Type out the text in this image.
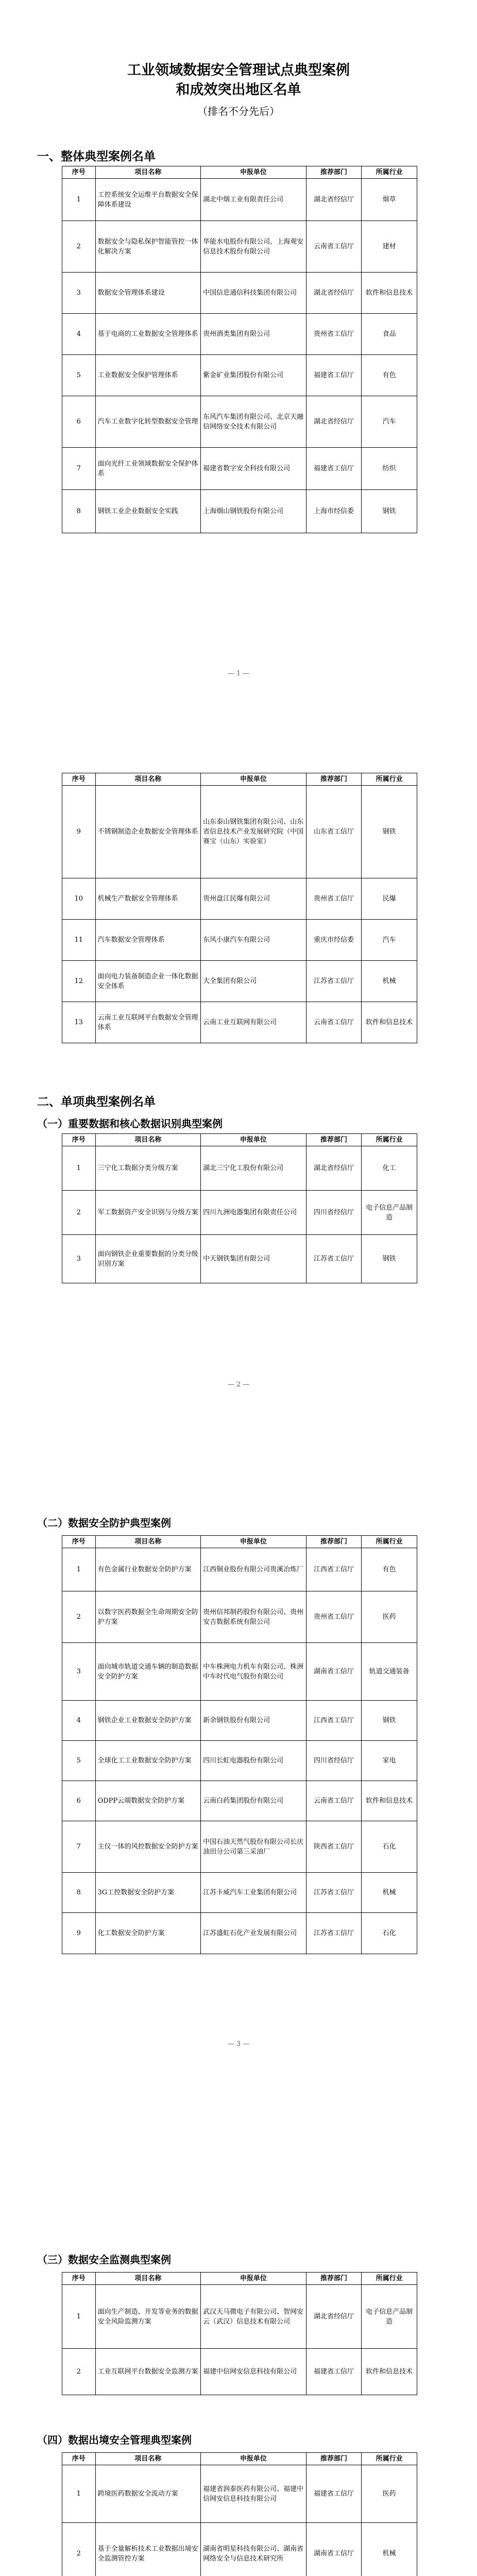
工业领域数据安全管理试点典型案例
和成效突出地区名单
（排名不分先后）
一、整体典型案例名单
序号	项目名称	申报单位	推荐部门	所属行业
1	工控系统安全运维平台数据安全保障体系建设	湖北中烟工业有限责任公司	湖北省经信厅	烟草
2	数据安全与隐私保护智能管控一体化解决方案	华能水电股份有限公司、上海观安信息技术股份有限公司	云南省工信厅	建材
3	数据安全管理体系建设	中国信息通信科技集团有限公司	湖北省经信厅	软件和信息技术
4	基于电商的工业数据安全管理体系	贵州酒类集团有限公司	贵州省工信厅	食品
5	工业数据安全保护管理体系	紫金矿业集团股份有限公司	福建省工信厅	有色
6	汽车工业数字化转型数据安全管理	东风汽车集团有限公司、北京天融信网络安全技术有限公司	湖北省经信厅	汽车
7	面向光纤工业领域数据安全保护体系	福建省数字安全科技有限公司	福建省工信厅	纺织
8	钢铁工业企业数据安全实践	上海烟山钢铁股份有限公司	上海市经信委	钢铁
— 1 —
序号	项目名称	申报单位	推荐部门	所属行业
9	不锈钢制造企业数据安全管理体系	山东泰山钢铁集团有限公司、山东省信息技术产业发展研究院（中国赛宝（山东）实验室）	山东省工信厅	钢铁
10	机械生产数据安全管理体系	贵州盘江民爆有限公司	贵州省工信厅	民爆
11	汽车数据安全管理体系	东风小康汽车有限公司	重庆市经信委	汽车
12	面向电力装备制造企业一体化数据安全体系	大全集团有限公司	江苏省工信厅	机械
13	云南工业互联网平台数据安全管理体系	云南工业互联网有限公司	云南省工信厅	软件和信息技术
二、单项典型案例名单
（一）重要数据和核心数据识别典型案例
序号	项目名称	申报单位	推荐部门	所属行业
1	三宁化工数据分类分级方案	湖北三宁化工股份有限公司	湖北省经信厅	化工
2	军工数据资产安全识别与分级方案	四川九洲电器集团有限责任公司	四川省经信厅	电子信息产品制造
3	面向钢铁企业重要数据的分类分级识别方案	中天钢铁集团有限公司	江苏省工信厅	钢铁
— 2 —
（二）数据安全防护典型案例
序号	项目名称	申报单位	推荐部门	所属行业
1	有色金属行业数据安全防护方案	江西铜业股份有限公司贵溪冶炼厂	江西省工信厅	有色
2	以数字医药数据全生命周期安全防护方案	贵州信邦制药股份有限公司、贵州安吉数据系统有限公司	贵州省工信厅	医药
3	面向城市轨道交通车辆的制造数据安全防护方案	中车株洲电力机车有限公司、株洲中车时代电气股份有限公司	湖南省工信厅	轨道交通装备
4	钢铁企业工业数据安全防护方案	新余钢铁股份有限公司	江西省工信厅	钢铁
5	全球化工工业数据安全防护方案	四川长虹电器股份有限公司	四川省经信厅	家电
6	ODPP云端数据安全防护方案	云南白药集团股份有限公司	云南省工信厅	软件和信息技术
7	主仪一体的风控数据安全防护方案	中国石油天然气股份有限公司长庆油田分公司第三采油厂	陕西省工信厅	石化
8	3G工控数据安全防护方案	江苏卡威汽车工业集团有限公司	江苏省工信厅	机械
9	化工数据安全防护方案	江苏盛虹石化产业发展有限公司	江苏省工信厅	石化
— 3 —
（三）数据安全监测典型案例
序号	项目名称	申报单位	推荐部门	所属行业
1	面向生产制造、开发等业务的数据安全风险监测方案	武汉天马微电子有限公司、智网安云（武汉）信息技术有限公司	湖北省经信厅	电子信息产品制造
2	工业互联网平台数据安全监测方案	福建中信网安信息科技有限公司	福建省工信厅	软件和信息技术
（四）数据出境安全管理典型案例
序号	项目名称	申报单位	推荐部门	所属行业
1	跨境医药数据安全流动方案	福建省润泰医药有限公司、福建中信网安信息科技有限公司	福建省工信厅	医药
2	基于全量解析技术工业数据出境安全监测管控方案	湖南省明星科技有限公司、湖南省网络安全与信息技术研究所	湖南省工信厅	机械
